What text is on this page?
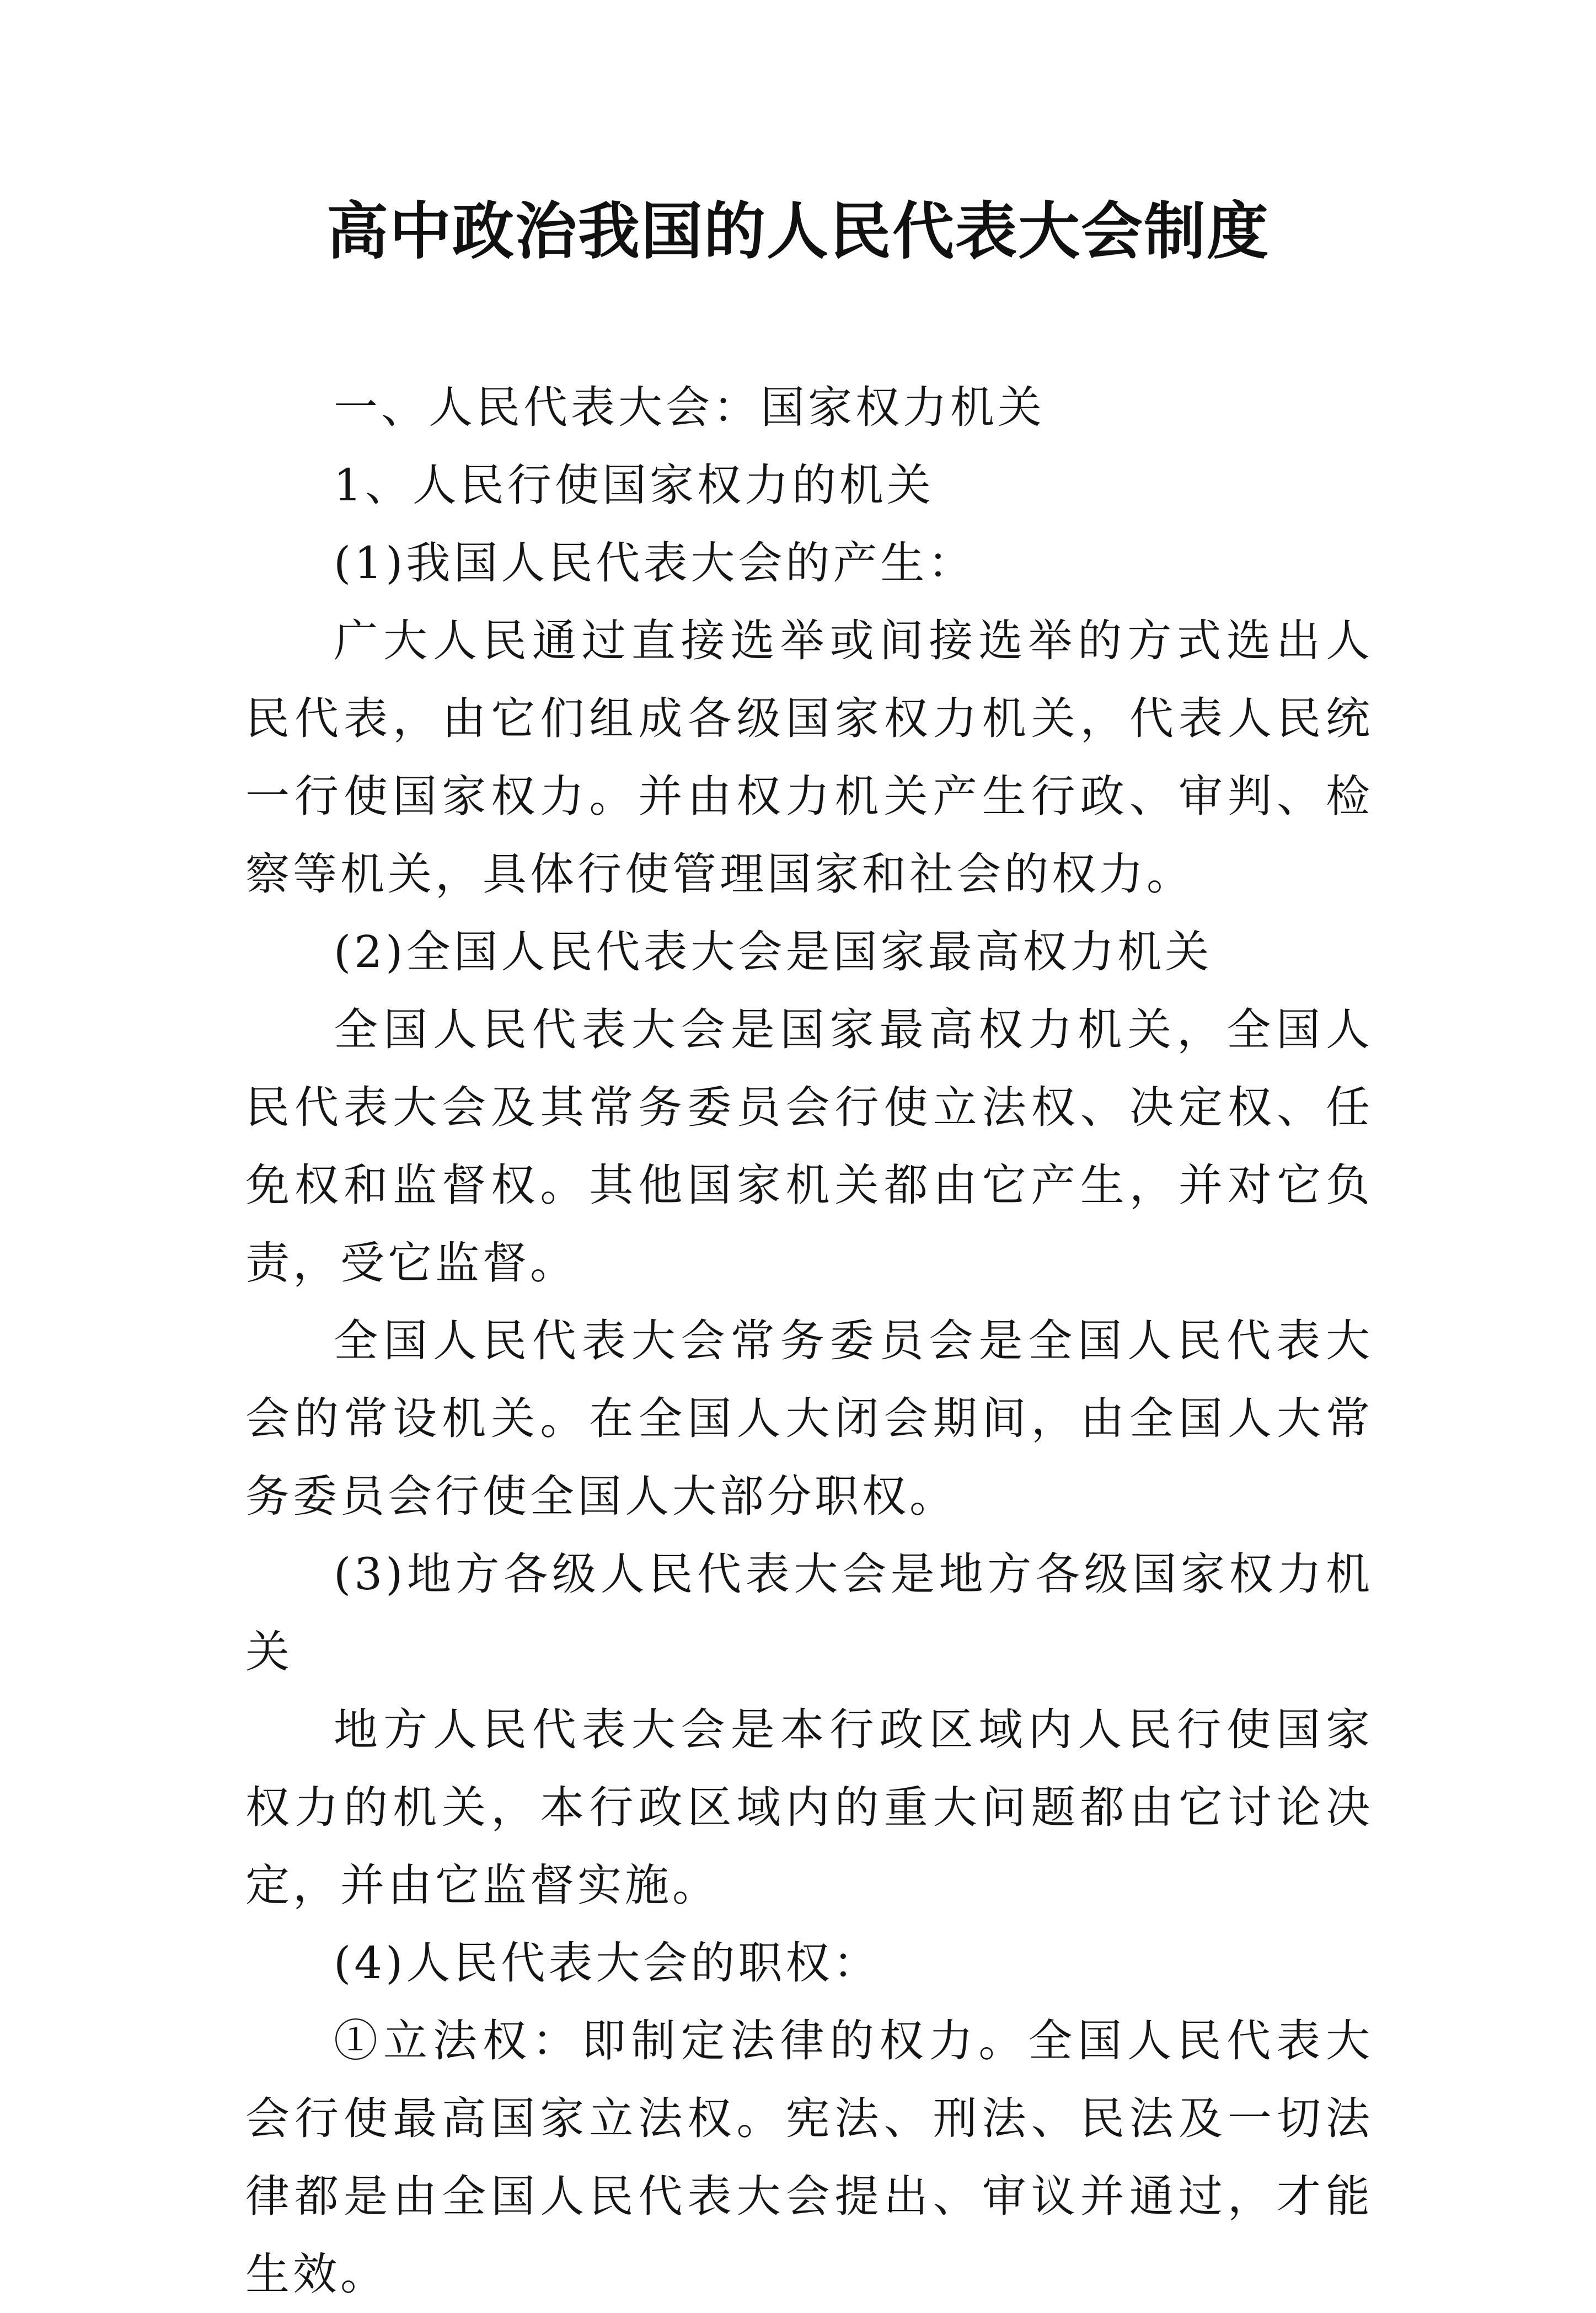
高中政治我国的人民代表大会制度

一、人民代表大会：国家权力机关

1、人民行使国家权力的机关

(1)我国人民代表大会的产生：

广大人民通过直接选举或间接选举的方式选出人民代表，由它们组成各级国家权力机关，代表人民统一行使国家权力。并由权力机关产生行政、审判、检察等机关，具体行使管理国家和社会的权力。

(2)全国人民代表大会是国家最高权力机关

全国人民代表大会是国家最高权力机关，全国人民代表大会及其常务委员会行使立法权、决定权、任免权和监督权。其他国家机关都由它产生，并对它负责，受它监督。

全国人民代表大会常务委员会是全国人民代表大会的常设机关。在全国人大闭会期间，由全国人大常务委员会行使全国人大部分职权。

(3)地方各级人民代表大会是地方各级国家权力机关

地方人民代表大会是本行政区域内人民行使国家权力的机关，本行政区域内的重大问题都由它讨论决定，并由它监督实施。

(4)人民代表大会的职权：

①立法权：即制定法律的权力。全国人民代表大会行使最高国家立法权。宪法、刑法、民法及一切法律都是由全国人民代表大会提出、审议并通过，才能生效。
